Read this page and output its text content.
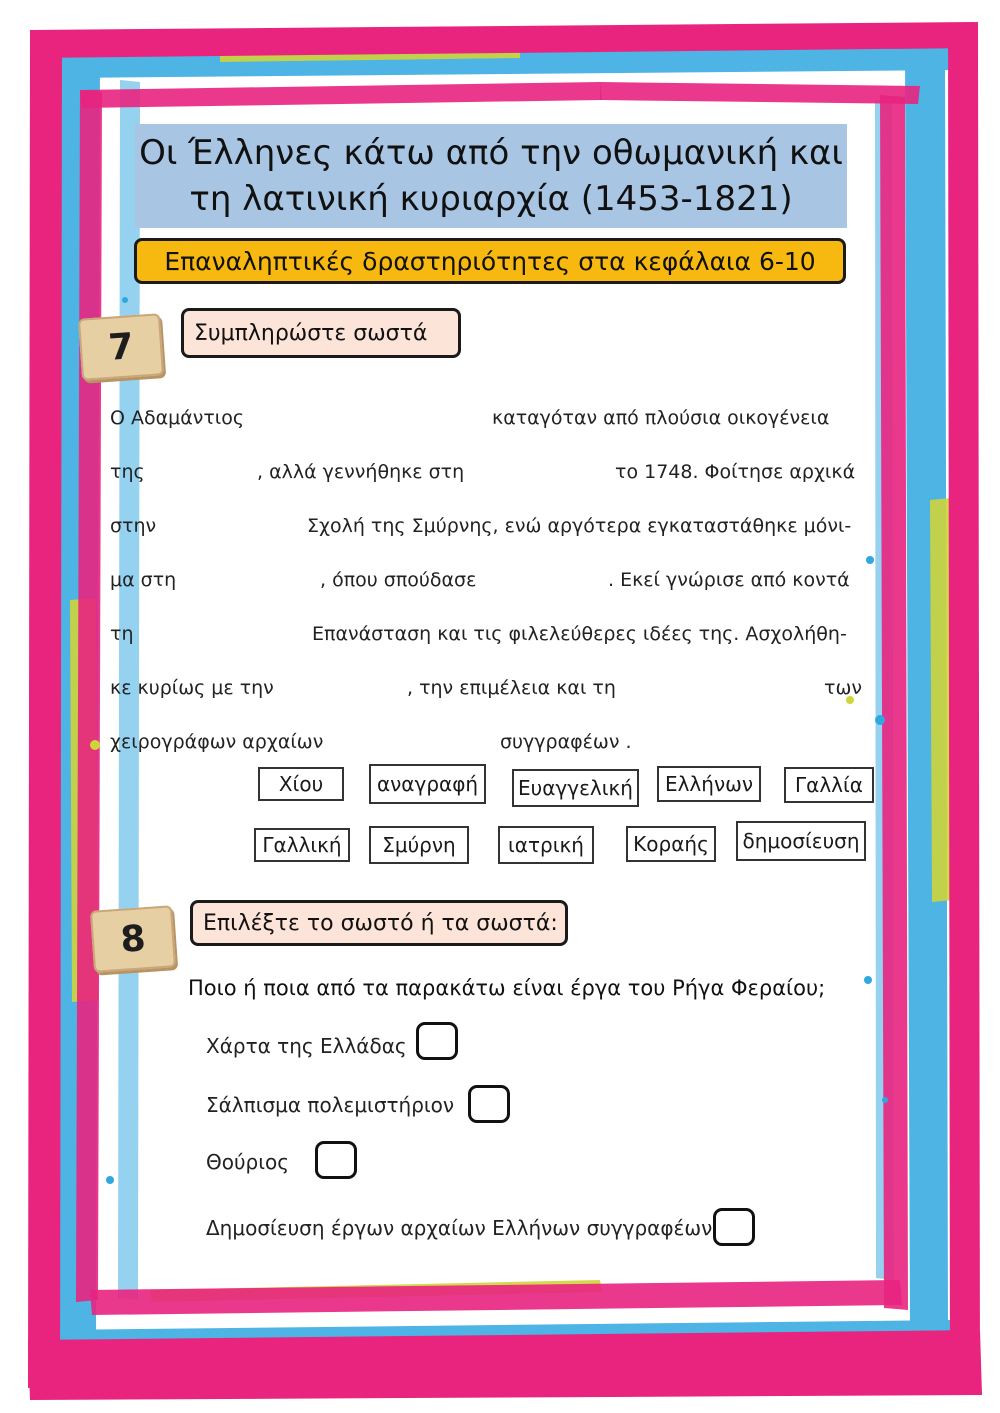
Οι Έλληνες κάτω από την οθωμανική και
τη λατινική κυριαρχία (1453-1821)
Επαναληπτικές δραστηριότητες στα κεφάλαια 6-10
7	Συμπληρώστε σωστά
Ο Αδαμάντιος	καταγόταν από πλούσια οικογένεια
της	, αλλά γεννήθηκε στη	το 1748. Φοίτησε αρχικά
στην	Σχολή της Σμύρνης, ενώ αργότερα εγκαταστάθηκε μόνι-
μα στη	, όπου σπούδασε	. Εκεί γνώρισε από κοντά
τη	Επανάσταση και τις φιλελεύθερες ιδέες της. Ασχολήθη-
κε κυρίως με την	, την επιμέλεια και τη	των
χειρογράφων αρχαίων	συγγραφέων .
Χίου	αναγραφή	Ευαγγελική	Ελλήνων	Γαλλία
Γαλλική	Σμύρνη	ιατρική	Κοραής	δημοσίευση
8	Επιλέξτε το σωστό ή τα σωστά:
Ποιο ή ποια από τα παρακάτω είναι έργα του Ρήγα Φεραίου;
Χάρτα της Ελλάδας
Σάλπισμα πολεμιστήριον
Θούριος
Δημοσίευση έργων αρχαίων Ελλήνων συγγραφέων
